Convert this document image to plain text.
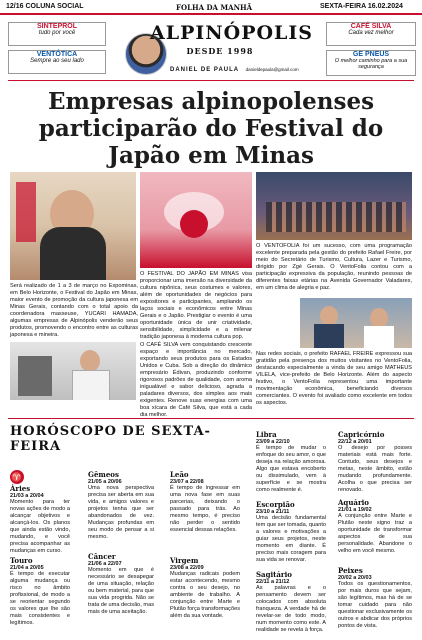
12/16 COLUNA SOCIAL	FOLHA DA MANHÃ	SEXTA-FEIRA 16.02.2024
SINTEPROL
tudo por você
VENTÓTICA
Sempre ao seu lado
CAFÉ SILVA
Cada vez melhor
GE PNEUS
O melhor caminho para a sua segurança
ALPINÓPOLIS
DESDE 1998
DANIEL DE PAULA danieldepaula@gmail.com
Empresas alpinopolenses participarão do Festival do Japão em Minas
Será realizado de 1 a 3 de março no Expominas, em Belo Horizonte, o Festival do Japão em Minas, maior evento de promoção da cultura japonesa em Minas Gerais, contando com o total apoio da coordenadora masseuse, YUCARI HAMADA, algumas empresas de Alpinópolis venderão seus produtos, promovendo o encontro entre as culturas japonesa e mineira.
O FESTIVAL DO JAPÃO EM MINAS visa proporcionar uma imersão na diversidade da cultura nipônica, seus costumes e valores, além de oportunidades de negócios para expositores e participantes, ampliando os laços sociais e econômicos entre Minas Gerais e o Japão. Prestigiar o evento é uma oportunidade única de unir criatividade, sensibilidade, simplicidade e a milenar tradição japonesa à moderna cultura pop.
O VENTOFOLIA foi um sucesso, com uma programação excelente preparada pela gestão do prefeito Rafael Freire, por meio do Secretário de Turismo, Cultura, Lazer e Turismo, dirigido por Zgé Gerais. O VentoFolia contou com a participação expressiva da população, reunindo pessoas de diferentes faixas etárias na Avenida Governador Valadares, em um clima de alegria e paz.
Nas redes sociais, o prefeito RAFAEL FREIRE expressou sua gratidão pela presença dos muitos visitantes no VentoFolia, destacando especialmente a vinda de seu amigo MATHEUS VILELA, vice-prefeito de Belo Horizonte. Além do aspecto festivo, o VentoFolia representou uma importante movimentação econômica, beneficiando diversos comerciantes. O evento foi avaliado como excelente em todos os aspectos.
O CAFÉ SILVA vem conquistando crescente espaço e importância no mercado, exportando seus produtos para os Estados Unidos e Cuba. Sob a direção do dinâmico empresário Édivan, produzindo conforme rigorosos padrões de qualidade, com aroma inigualável e sabor delicioso, agrada a paladares diversos, dos simples aos mais exigentes. Renove suas energias com uma boa xícara de Café Silva, que está a cada dia melhor.
HORÓSCOPO DE SEXTA-FEIRA
♈
Áries
21/03 a 20/04
Momento para ter novas ações de modo a alcançar objetivos e alcançá-los. Os planos que ainda estão vindo, mudando, e você precisa acompanhar as mudanças em curso.
Touro
21/04 a 20/05
É tempo de executar alguma mudança ou risco no âmbito profissional, de modo a se reorientar segundo os valores que lhe são mais consistentes e legítimos.
Gêmeos
21/05 a 20/06
Uma nova perspectiva precisa ser aberta em sua vida, e amigos valores e projetos tenha que ser abandonados de vez. Mudanças profundas em seu modo de pensar a si mesmo.
Câncer
21/06 a 22/07
Momento em que é necessário se desapegar de uma situação, relação ou bem material, para que sua vida progrida. Não se trata de uma decisão, mas mais de uma aceitação.
Leão
23/07 a 22/08
É tempo de ingressar em uma nova fase em suas parcerias, deixando o passado para trás. Ao mesmo tempo, é preciso não perder o sentido essencial dessas relações.
Virgem
23/08 a 22/09
Mudanças radicais podem estar acontecendo, mesmo contra o seu desejo, no ambiente de trabalho. A conjunção entre Marte e Plutão força transformações além da sua vontade.
Libra
23/09 a 22/10
É tempo de mudar o enfoque do seu amor, o que deseja na relação amorosa. Algo que estava encoberto ou dissimulado, vem à superfície e se mostra como realmente é.
Escorpião
23/10 a 21/11
Uma decisão fundamental tem que ser tomada, quanto a valores e motivações a guiar seus projetos, neste momento em diante. É preciso mais coragem para sua vida se renovar.
Sagitário
22/11 a 21/12
As palavras e o pensamento devem ser colocados com absoluta franqueza. A verdade há de revelar-se de todo modo, num momento como este. A realidade se revela à força.
Capricórnio
22/12 a 20/01
O desejo por posses materiais está mais forte. Contudo, seus desejos e metas, neste âmbito, estão mudando profundamente. Acolha o que precisa ser renovado.
Aquário
21/01 a 19/02
A conjunção entre Marte e Plutão neste signo traz a oportunidade de transformar aspectos de sua personalidade. Abandone o velho em você mesmo.
Peixes
20/02 a 20/03
Todos os questionamentos, por mais duros que sejam, são legítimos, mas há de se tomar cuidado para não questionar exclusivamente os outros e abdicar dos próprios pontos de vista.
